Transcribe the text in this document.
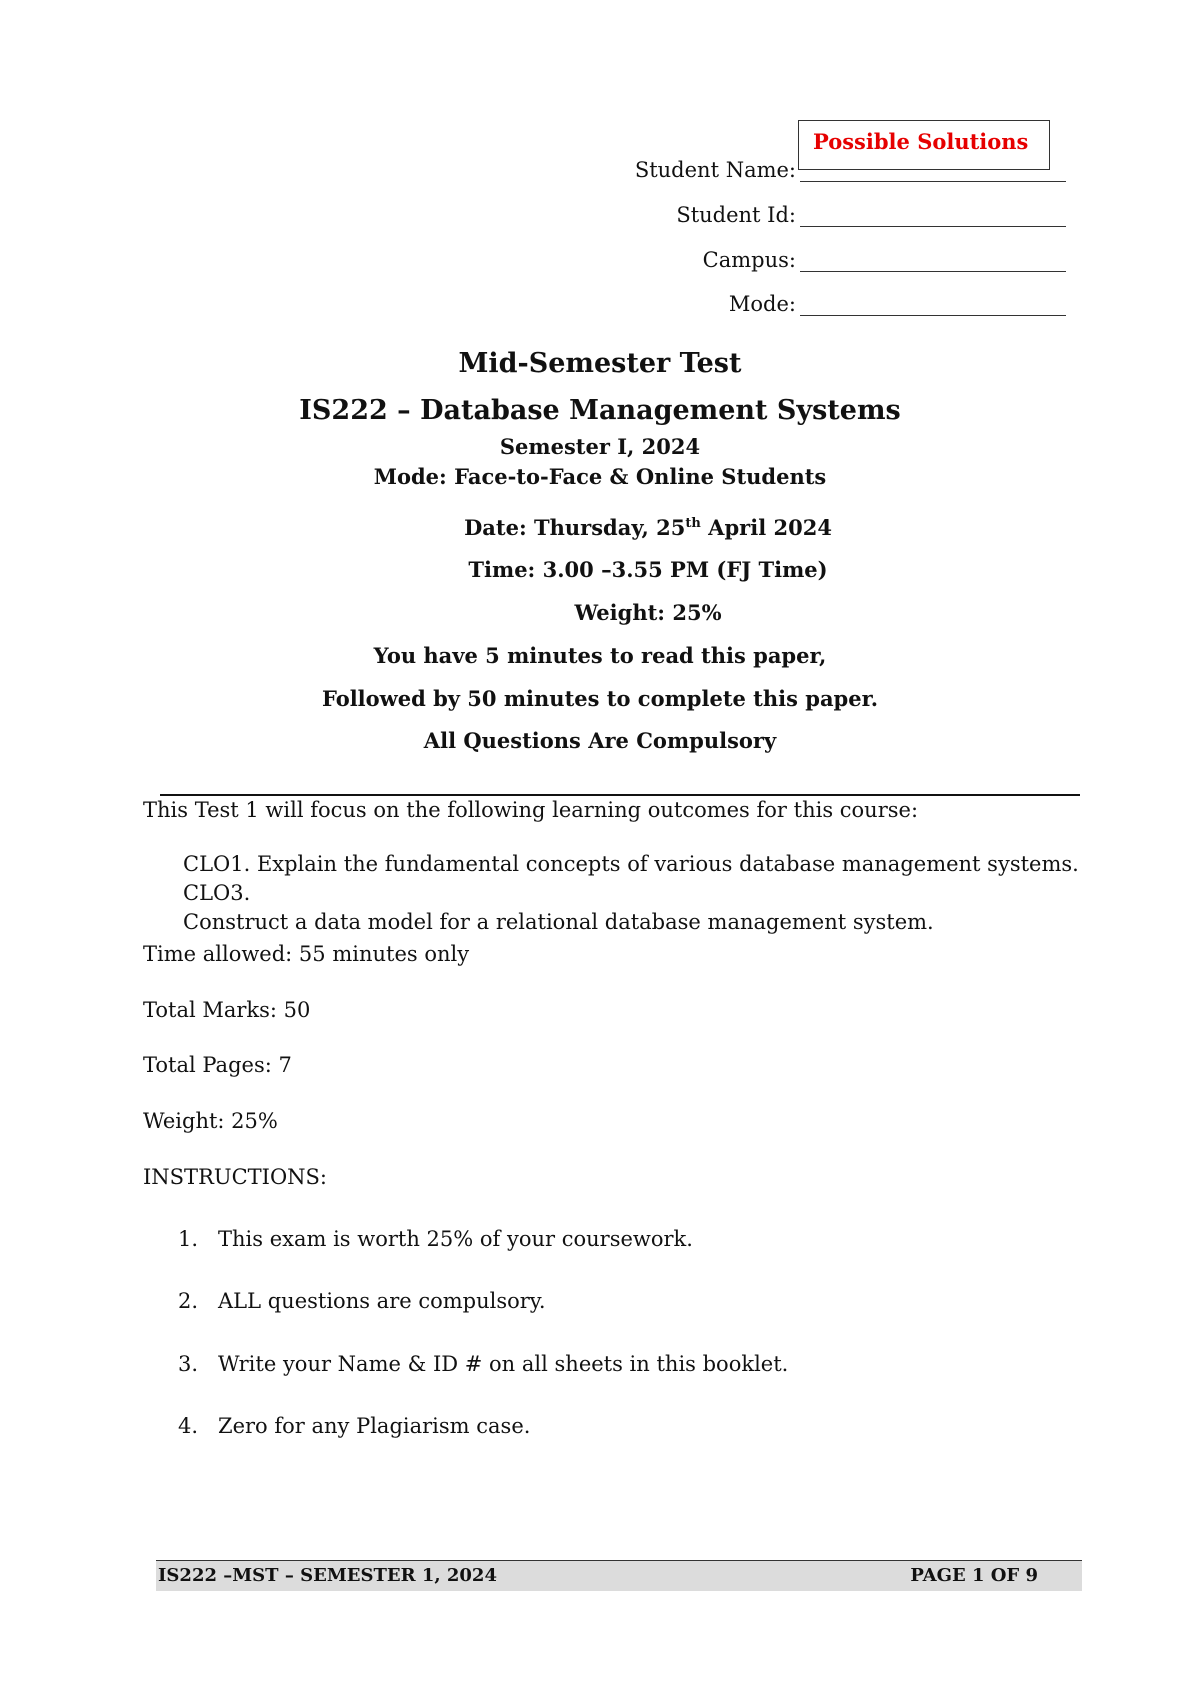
Possible Solutions
Student Name:
Student Id:
Campus:
Mode:
Mid-Semester Test
IS222 – Database Management Systems
Semester I, 2024
Mode: Face-to-Face & Online Students
Date: Thursday, 25th April 2024
Time: 3.00 –3.55 PM (FJ Time)
Weight: 25%
You have 5 minutes to read this paper,
Followed by 50 minutes to complete this paper.
All Questions Are Compulsory
This Test 1 will focus on the following learning outcomes for this course:
CLO1. Explain the fundamental concepts of various database management systems. CLO3.
Construct a data model for a relational database management system.
Time allowed: 55 minutes only
Total Marks: 50
Total Pages: 7
Weight: 25%
INSTRUCTIONS:
1. This exam is worth 25% of your coursework.
2. ALL questions are compulsory.
3. Write your Name & ID # on all sheets in this booklet.
4. Zero for any Plagiarism case.
IS222 –MST – SEMESTER 1, 2024	PAGE 1 OF 9
